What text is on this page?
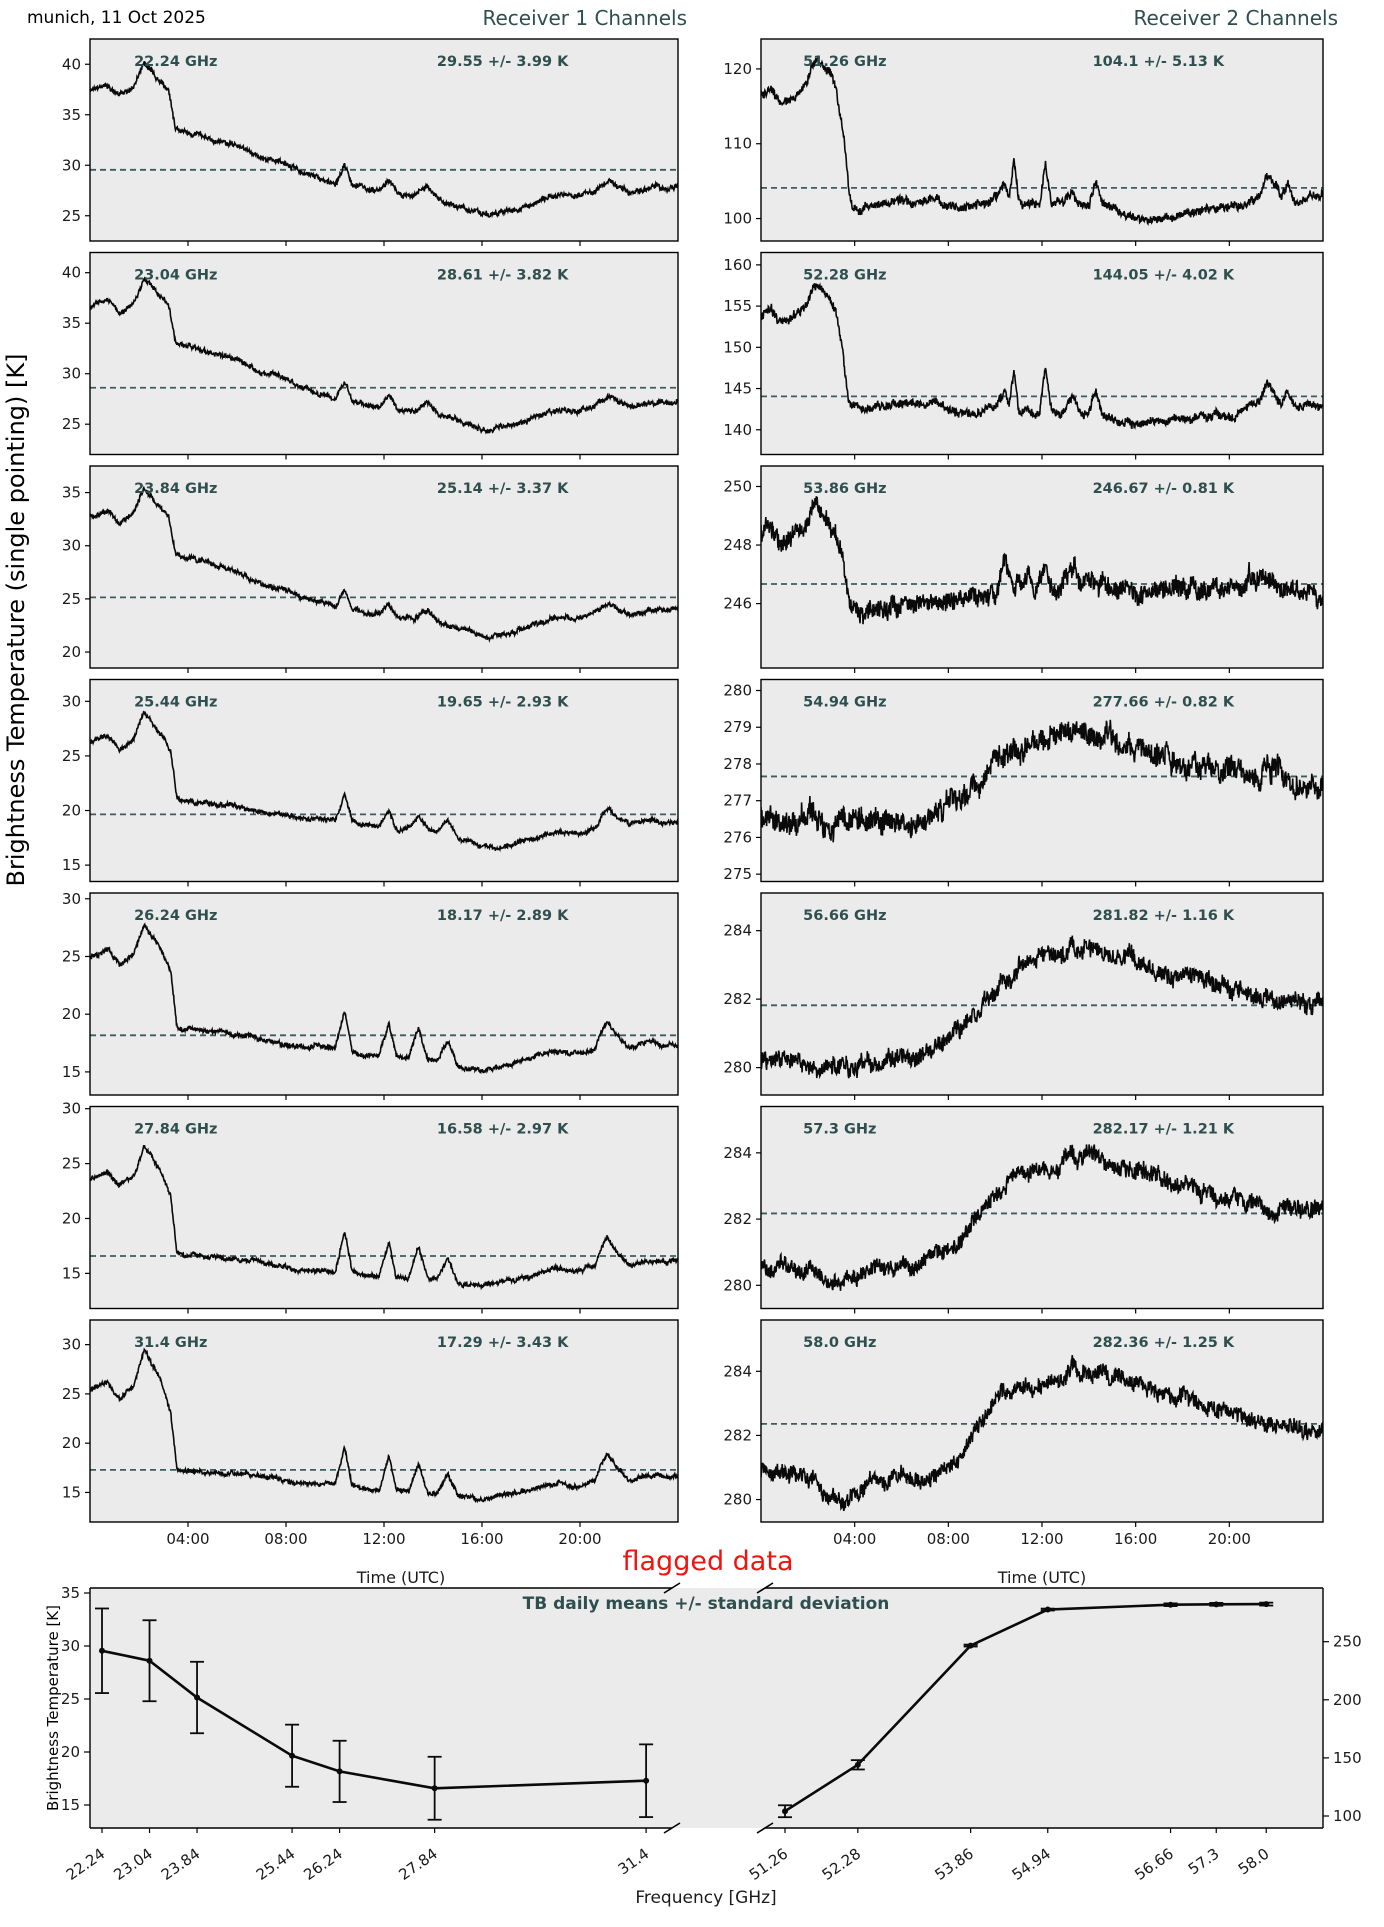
25
30
35
40	22.24 GHz	29.55 +/- 3.99 K
25
30
35
40	23.04 GHz	28.61 +/- 3.82 K
20
25
30
35	23.84 GHz	25.14 +/- 3.37 K
15
20
25
30	25.44 GHz	19.65 +/- 2.93 K
15
20
25
30
26.24 GHz	18.17 +/- 2.89 K
15
20
25
30
27.84 GHz	16.58 +/- 2.97 K
15
20
25
30
04:00	08:00	12:00	16:00	20:00
31.4 GHz	17.29 +/- 3.43 K
100
110
120	51.26 GHz	104.1 +/- 5.13 K
140
145
150
155
160
52.28 GHz	144.05 +/- 4.02 K
246
248
250	53.86 GHz	246.67 +/- 0.81 K
275
276
277
278
279
280
54.94 GHz	277.66 +/- 0.82 K
280
282
284
56.66 GHz	281.82 +/- 1.16 K
280
282
284
57.3 GHz	282.17 +/- 1.21 K
280
282
284
04:00	08:00	12:00	16:00	20:00
58.0 GHz	282.36 +/- 1.25 K
Brightness Temperature (single pointing) [K]
15
20
25
30
35
100
150
200
250
22.24 23.04 23.84	25.44 26.24	27.84	31.4	51.26 52.28	53.86 54.94	56.66 57.3 58.0
Brightness Temperature [K]
munich, 11 Oct 2025	Receiver 1 Channels	Receiver 2 Channels
Time (UTC)	Time (UTC)
flagged data
TB daily means +/- standard deviation
Frequency [GHz]
